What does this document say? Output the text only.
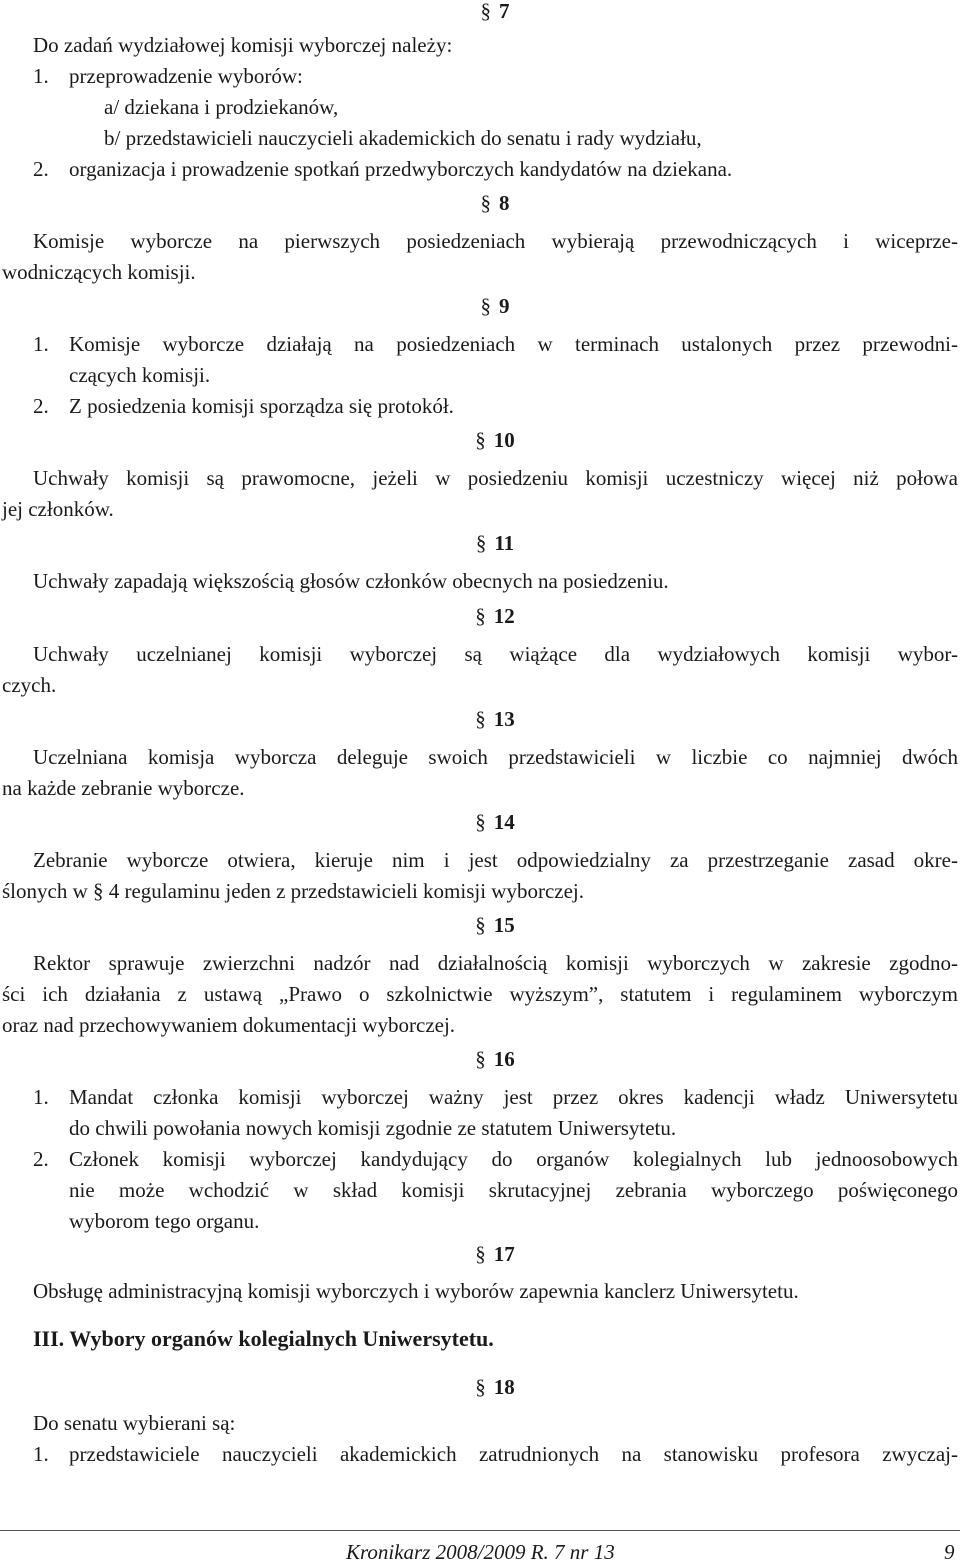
§ 7
Do zadań wydziałowej komisji wyborczej należy:
1. przeprowadzenie wyborów:
a/ dziekana i prodziekanów,
b/ przedstawicieli nauczycieli akademickich do senatu i rady wydziału,
2. organizacja i prowadzenie spotkań przedwyborczych kandydatów na dziekana.
§ 8
Komisje wyborcze na pierwszych posiedzeniach wybierają przewodniczących i wiceprze-
wodniczących komisji.
§ 9
1. Komisje wyborcze działają na posiedzeniach w terminach ustalonych przez przewodni-
czących komisji.
2. Z posiedzenia komisji sporządza się protokół.
§ 10
Uchwały komisji są prawomocne, jeżeli w posiedzeniu komisji uczestniczy więcej niż połowa
jej członków.
§ 11
Uchwały zapadają większością głosów członków obecnych na posiedzeniu.
§ 12
Uchwały uczelnianej komisji wyborczej są wiążące dla wydziałowych komisji wybor-
czych.
§ 13
Uczelniana komisja wyborcza deleguje swoich przedstawicieli w liczbie co najmniej dwóch
na każde zebranie wyborcze.
§ 14
Zebranie wyborcze otwiera, kieruje nim i jest odpowiedzialny za przestrzeganie zasad okre-
ślonych w § 4 regulaminu jeden z przedstawicieli komisji wyborczej.
§ 15
Rektor sprawuje zwierzchni nadzór nad działalnością komisji wyborczych w zakresie zgodno-
ści ich działania z ustawą „Prawo o szkolnictwie wyższym”, statutem i regulaminem wyborczym
oraz nad przechowywaniem dokumentacji wyborczej.
§ 16
1. Mandat członka komisji wyborczej ważny jest przez okres kadencji władz Uniwersytetu
do chwili powołania nowych komisji zgodnie ze statutem Uniwersytetu.
2. Członek komisji wyborczej kandydujący do organów kolegialnych lub jednoosobowych
nie może wchodzić w skład komisji skrutacyjnej zebrania wyborczego poświęconego
wyborom tego organu.
§ 17
Obsługę administracyjną komisji wyborczych i wyborów zapewnia kanclerz Uniwersytetu.
III. Wybory organów kolegialnych Uniwersytetu.
§ 18
Do senatu wybierani są:
1. przedstawiciele nauczycieli akademickich zatrudnionych na stanowisku profesora zwyczaj-
Kronikarz 2008/2009 R. 7 nr 13	9
